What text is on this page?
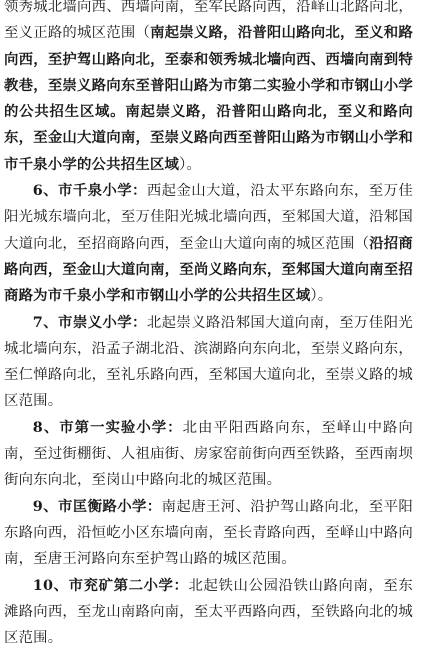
领秀城北墙向西、西墙向南，至军民路向西，沿峄山北路向北，至义正路的城区范围（南起崇义路，沿普阳山路向北，至义和路向西，至护驾山路向北，至泰和领秀城北墙向西、西墙向南到特教巷，至崇义路向东至普阳山路为市第二实验小学和市钢山小学的公共招生区域。南起崇义路，沿普阳山路向北，至义和路向东，至金山大道向南，至崇义路向西至普阳山路为市钢山小学和市千泉小学的公共招生区域）。

6、市千泉小学：西起金山大道，沿太平东路向东，至万佳阳光城东墙向北，至万佳阳光城北墙向西，至邾国大道，沿邾国大道向北，至招商路向西，至金山大道向南的城区范围（沿招商路向西，至金山大道向南，至尚义路向东，至邾国大道向南至招商路为市千泉小学和市钢山小学的公共招生区域）。

7、市崇义小学：北起崇义路沿邾国大道向南，至万佳阳光城北墙向东，沿孟子湖北沿、滨湖路向东向北，至崇义路向东，至仁惮路向北，至礼乐路向西，至邾国大道向北，至崇义路的城区范围。

8、市第一实验小学：北由平阳西路向东，至峄山中路向南，至过街棚街、人祖庙街、房家窑前街向西至铁路，至西南坝街向东向北，至岗山中路向北的城区范围。

9、市匡衡路小学：南起唐王河、沿护驾山路向北，至平阳东路向西，沿恒屹小区东墙向南，至长青路向西，至峄山中路向南，至唐王河路向东至护驾山路的城区范围。

10、市兖矿第二小学：北起铁山公园沿铁山路向南，至东滩路向西，至龙山南路向南，至太平西路向西，至铁路向北的城区范围。
